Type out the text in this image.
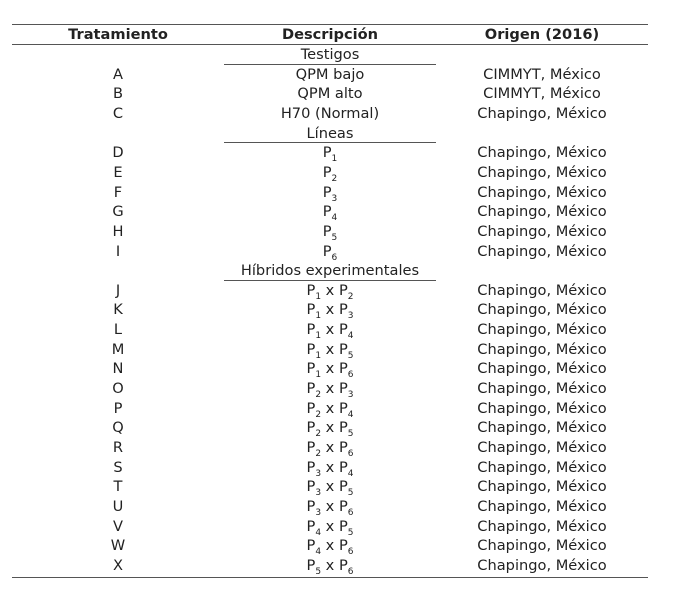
Tratamiento	Descripción	Origen (2016)
Testigos
A	QPM bajo	CIMMYT, México
B	QPM alto	CIMMYT, México
C	H70 (Normal)	Chapingo, México
Líneas
D	$P_1$	Chapingo, México
E	$P_2$	Chapingo, México
F	$P_3$	Chapingo, México
G	$P_4$	Chapingo, México
H	$P_5$	Chapingo, México
I	$P_6$	Chapingo, México
Híbridos experimentales
J	$P_1$ x $P_2$	Chapingo, México
K	$P_1$ x $P_3$	Chapingo, México
L	$P_1$ x $P_4$	Chapingo, México
M	$P_1$ x $P_5$	Chapingo, México
N	$P_1$ x $P_6$	Chapingo, México
O	$P_2$ x $P_3$	Chapingo, México
P	$P_2$ x $P_4$	Chapingo, México
Q	$P_2$ x $P_5$	Chapingo, México
R	$P_2$ x $P_6$	Chapingo, México
S	$P_3$ x $P_4$	Chapingo, México
T	$P_3$ x $P_5$	Chapingo, México
U	$P_3$ x $P_6$	Chapingo, México
V	$P_4$ x $P_5$	Chapingo, México
W	$P_4$ x $P_6$	Chapingo, México
X	$P_5$ x $P_6$	Chapingo, México
